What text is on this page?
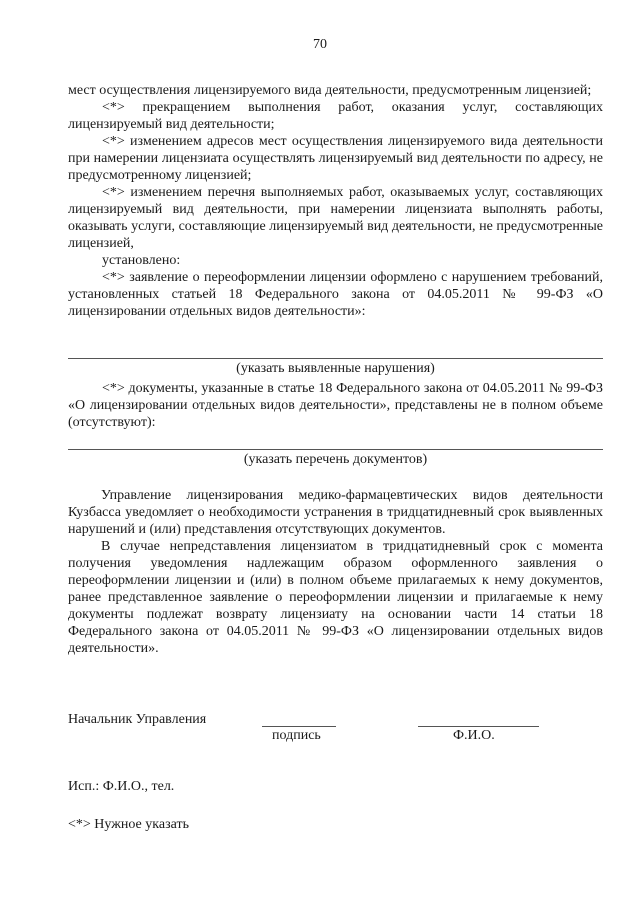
70

мест осуществления лицензируемого вида деятельности, предусмотренным лицензией;

<*> прекращением выполнения работ, оказания услуг, составляющих лицензируемый вид деятельности;

<*> изменением адресов мест осуществления лицензируемого вида деятельности при намерении лицензиата осуществлять лицензируемый вид деятельности по адресу, не предусмотренному лицензией;

<*> изменением перечня выполняемых работ, оказываемых услуг, составляющих лицензируемый вид деятельности, при намерении лицензиата выполнять работы, оказывать услуги, составляющие лицензируемый вид деятельности, не предусмотренные лицензией,

установлено:

<*> заявление о переоформлении лицензии оформлено с нарушением требований, установленных статьей 18 Федерального закона от 04.05.2011 № 99-ФЗ «О лицензировании отдельных видов деятельности»:

(указать выявленные нарушения)

<*> документы, указанные в статье 18 Федерального закона от 04.05.2011 № 99-ФЗ «О лицензировании отдельных видов деятельности», представлены не в полном объеме (отсутствуют):

(указать перечень документов)

Управление лицензирования медико-фармацевтических видов деятельности Кузбасса уведомляет о необходимости устранения в тридцатидневный срок выявленных нарушений и (или) представления отсутствующих документов.

В случае непредставления лицензиатом в тридцатидневный срок с момента получения уведомления надлежащим образом оформленного заявления о переоформлении лицензии и (или) в полном объеме прилагаемых к нему документов, ранее представленное заявление о переоформлении лицензии и прилагаемые к нему документы подлежат возврату лицензиату на основании части 14 статьи 18 Федерального закона от 04.05.2011 № 99-ФЗ «О лицензировании отдельных видов деятельности».

Начальник Управления
подпись	Ф.И.О.
Исп.: Ф.И.О., тел.
<*> Нужное указать
